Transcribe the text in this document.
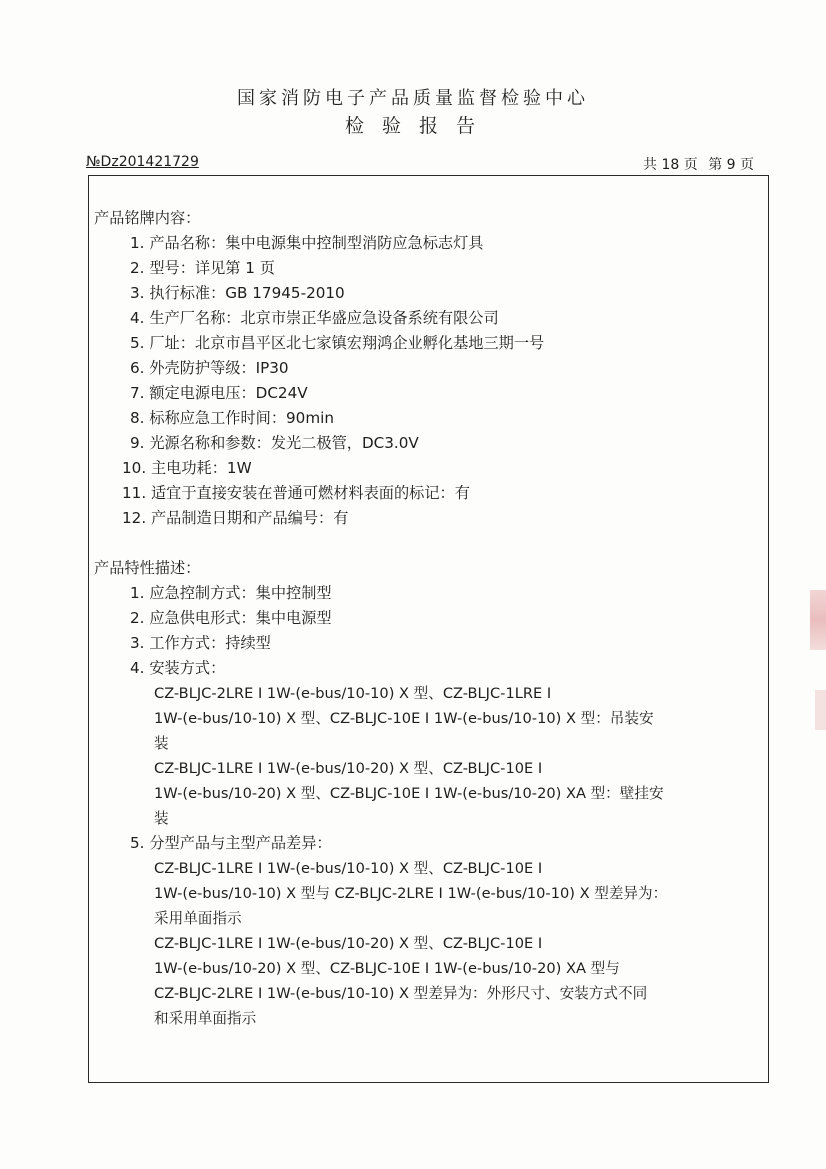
国家消防电子产品质量监督检验中心
检 验 报 告
№Dz201421729	共 18 页 第 9 页
产品铭牌内容：
1. 产品名称：集中电源集中控制型消防应急标志灯具
2. 型号：详见第 1 页
3. 执行标准：GB 17945-2010
4. 生产厂名称：北京市崇正华盛应急设备系统有限公司
5. 厂址：北京市昌平区北七家镇宏翔鸿企业孵化基地三期一号
6. 外壳防护等级：IP30
7. 额定电源电压：DC24V
8. 标称应急工作时间：90min
9. 光源名称和参数：发光二极管，DC3.0V
10. 主电功耗：1W
11. 适宜于直接安装在普通可燃材料表面的标记：有
12. 产品制造日期和产品编号：有
产品特性描述：
1. 应急控制方式：集中控制型
2. 应急供电形式：集中电源型
3. 工作方式：持续型
4. 安装方式：
CZ-BLJC-2LRE Ⅰ 1W-(e-bus/10-10) X 型、CZ-BLJC-1LRE Ⅰ
1W-(e-bus/10-10) X 型、CZ-BLJC-10E Ⅰ 1W-(e-bus/10-10) X 型：吊装安
装
CZ-BLJC-1LRE Ⅰ 1W-(e-bus/10-20) X 型、CZ-BLJC-10E Ⅰ
1W-(e-bus/10-20) X 型、CZ-BLJC-10E Ⅰ 1W-(e-bus/10-20) XA 型：壁挂安
装
5. 分型产品与主型产品差异：
CZ-BLJC-1LRE Ⅰ 1W-(e-bus/10-10) X 型、CZ-BLJC-10E Ⅰ
1W-(e-bus/10-10) X 型与 CZ-BLJC-2LRE Ⅰ 1W-(e-bus/10-10) X 型差异为：
采用单面指示
CZ-BLJC-1LRE Ⅰ 1W-(e-bus/10-20) X 型、CZ-BLJC-10E Ⅰ
1W-(e-bus/10-20) X 型、CZ-BLJC-10E Ⅰ 1W-(e-bus/10-20) XA 型与
CZ-BLJC-2LRE Ⅰ 1W-(e-bus/10-10) X 型差异为：外形尺寸、安装方式不同
和采用单面指示
